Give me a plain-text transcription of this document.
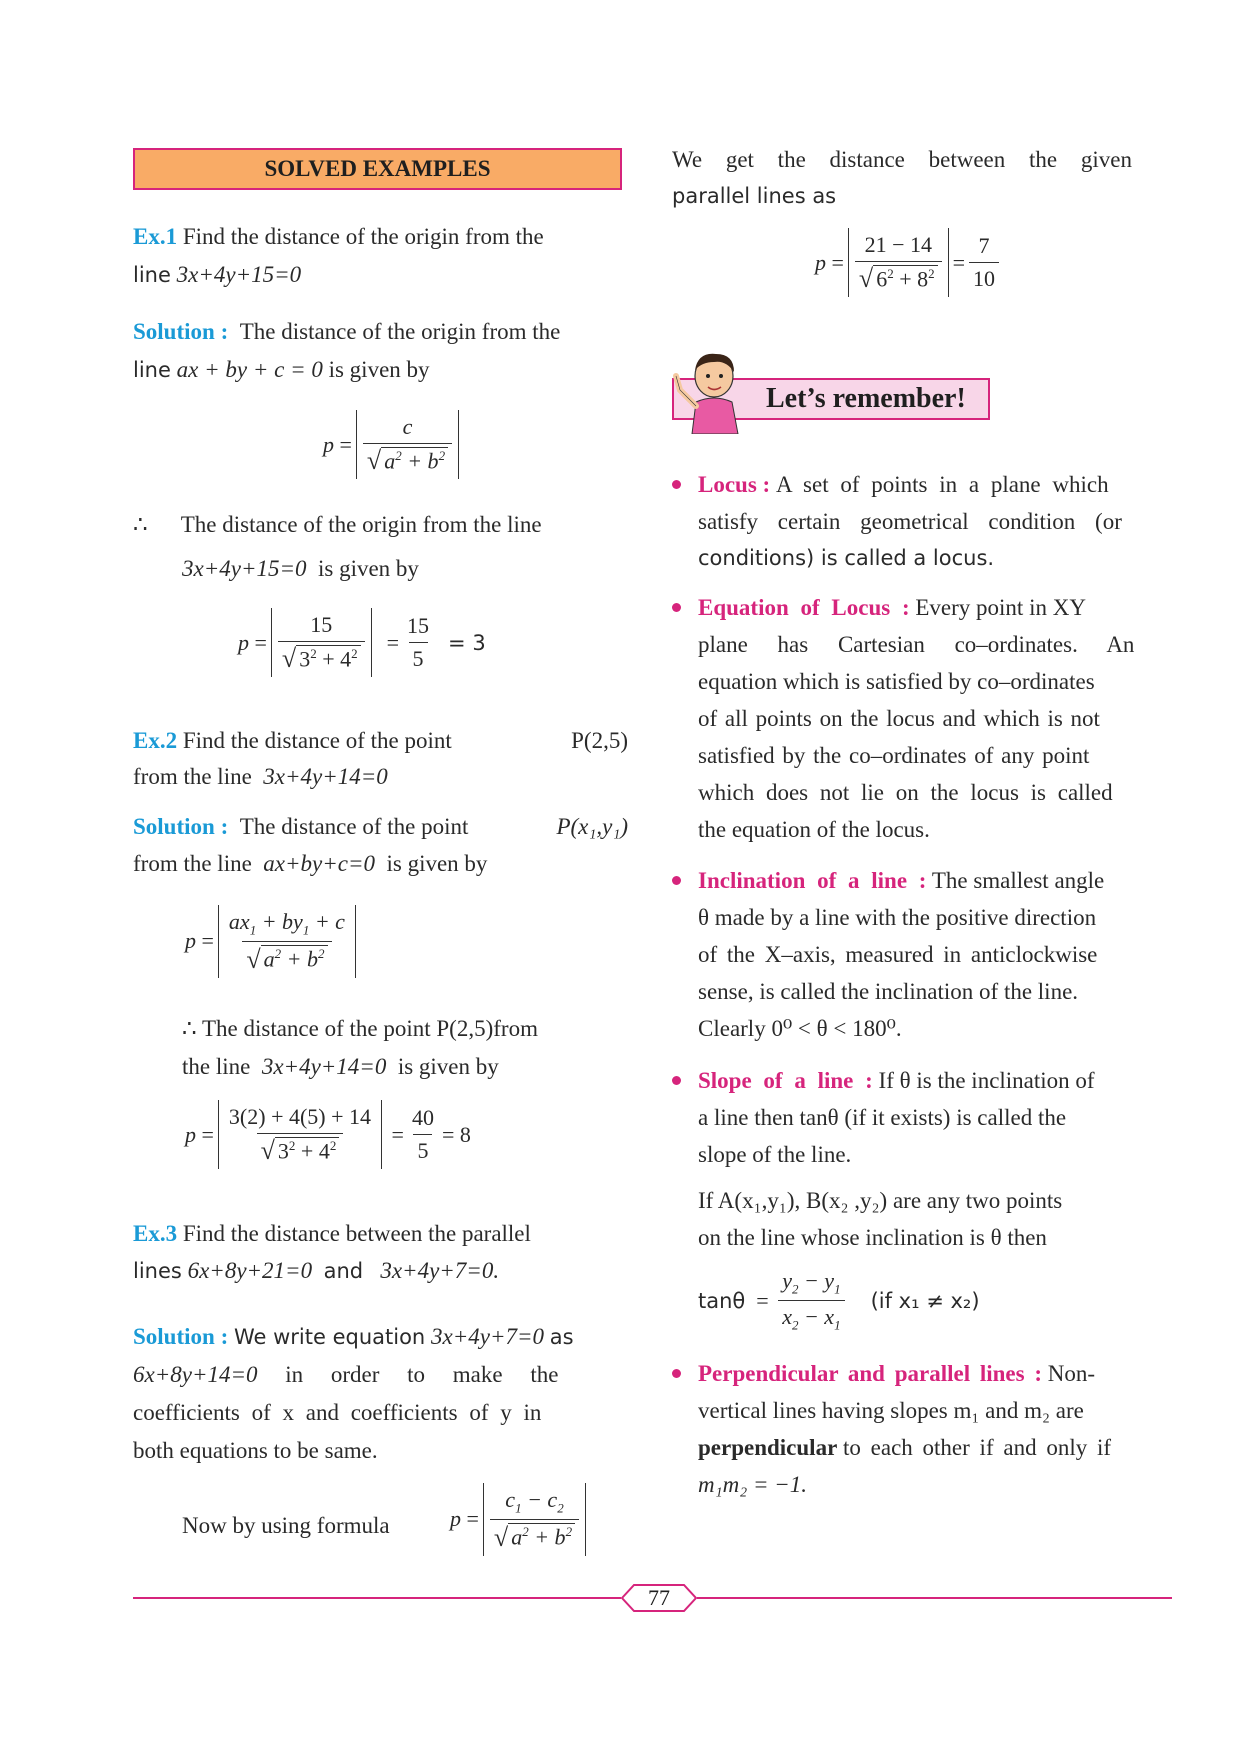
SOLVED EXAMPLES
Ex.1 Find the distance of the origin from the
line 3x+4y+15=0
Solution : The distance of the origin from the
line ax + by + c = 0 is given by
$p = \frac{c}{√ a^2 + b^2}$
∴ The distance of the origin from the line
3x+4y+15=0 is given by
$p = \frac{15}{√ 3^2 + 4^2} = \frac{15}{5}$
= 3
Ex.2 Find the distance of the point	P(2,5)
from the line 3x+4y+14=0
Solution : The distance of the point	P(x₁,y₁)
from the line ax+by+c=0 is given by
$p = \frac{ax_1 + by_1 + c}{√ a^2 + b^2}$
∴ The distance of the point P(2,5)from
the line 3x+4y+14=0 is given by
$p = \frac{3(2) + 4(5) + 14}{√ 3^2 + 4^2} = \frac{40}{5} = 8$
Ex.3 Find the distance between the parallel
lines 6x+8y+21=0 and 3x+4y+7=0.
Solution : We write equation 3x+4y+7=0 as
6x+8y+14=0 in order to make the
coefficients of x and coefficients of y in
both equations to be same.
Now by using formula	$p = \frac{c_1 - c_2}{√ a^2 + b^2}$
We get the distance between the given
parallel lines as
$p = \frac{21 - 14}{√ 6^2 + 8^2} = \frac{7}{10}$
Let’s remember!
Locus : A set of points in a plane which
satisfy certain geometrical condition (or
conditions) is called a locus.
Equation of Locus : Every point in XY
plane has Cartesian co–ordinates. An
equation which is satisfied by co–ordinates
of all points on the locus and which is not
satisfied by the co–ordinates of any point
which does not lie on the locus is called
the equation of the locus.
Inclination of a line : The smallest angle
θ made by a line with the positive direction
of the X–axis, measured in anticlockwise
sense, is called the inclination of the line.
Clearly 0⁰ < θ < 180⁰.
Slope of a line : If θ is the inclination of
a line then tanθ (if it exists) is called the
slope of the line.
If A(x₁,y₁), B(x₂ ,y₂) are any two points
on the line whose inclination is θ then
$\tan\theta = \frac{y_2 - y_1}{x_2 - x_1}$
(if x₁ ≠ x₂)
Perpendicular and parallel lines : Non-
vertical lines having slopes m₁ and m₂ are
perpendicular to each other if and only if
m₁m₂ = −1.
77
